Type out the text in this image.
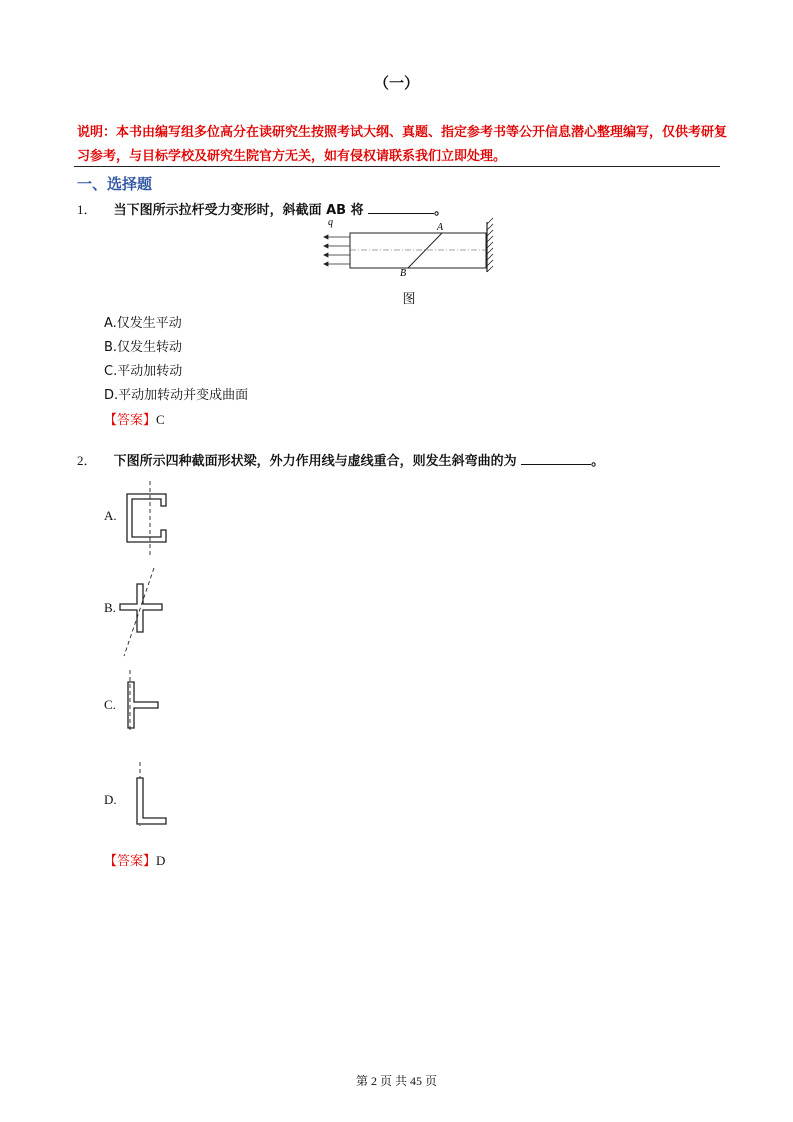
（一）
说明：本书由编写组多位高分在读研究生按照考试大纲、真题、指定参考书等公开信息潜心整理编写，仅供考研复习参考，与目标学校及研究生院官方无关，如有侵权请联系我们立即处理。
一、选择题
1． 当下图所示拉杆受力变形时，斜截面 AB 将	。
q	A
B
图
A.仅发生平动
B.仅发生转动
C.平动加转动
D.平动加转动并变成曲面
【答案】C
2． 下图所示四种截面形状梁，外力作用线与虚线重合，则发生斜弯曲的为	。
A.
B.
C.
D.
【答案】D
第 2 页 共 45 页
